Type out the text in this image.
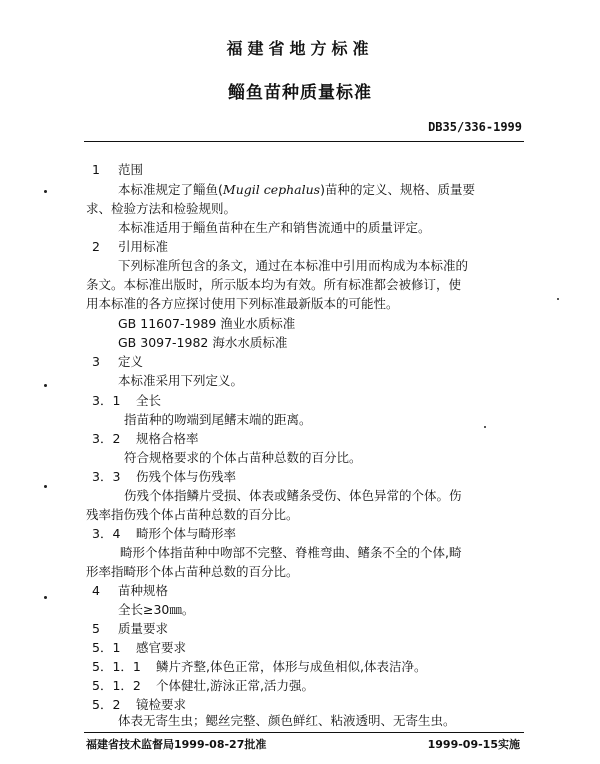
福建省地方标准
鲻鱼苗种质量标准
DB35/336-1999
1 范围
本标准规定了鲻鱼(Mugil cephalus)苗种的定义、规格、质量要
求、检验方法和检验规则。
本标准适用于鲻鱼苗种在生产和销售流通中的质量评定。
2 引用标准
下列标准所包含的条文，通过在本标准中引用而构成为本标准的
条文。本标准出版时，所示版本均为有效。所有标准都会被修订，使
用本标准的各方应探讨使用下列标准最新版本的可能性。
GB 11607-1989 渔业水质标准
GB 3097-1982 海水水质标准
3 定义
本标准采用下列定义。
3．1 全长
指苗种的吻端到尾鳍末端的距离。
3．2 规格合格率
符合规格要求的个体占苗种总数的百分比。
3．3 伤残个体与伤残率
伤残个体指鳞片受损、体表或鳍条受伤、体色异常的个体。伤
残率指伤残个体占苗种总数的百分比。
3．4 畸形个体与畸形率
畸形个体指苗种中吻部不完整、脊椎弯曲、鳍条不全的个体,畸
形率指畸形个体占苗种总数的百分比。
4 苗种规格
全长≥30㎜。
5 质量要求
5．1 感官要求
5．1．1 鳞片齐整,体色正常，体形与成鱼相似,体表洁净。
5．1．2 个体健壮,游泳正常,活力强。
5．2 镜检要求
体表无寄生虫；鳃丝完整、颜色鲜红、粘液透明、无寄生虫。
福建省技术监督局1999-08-27批准	1999-09-15实施
